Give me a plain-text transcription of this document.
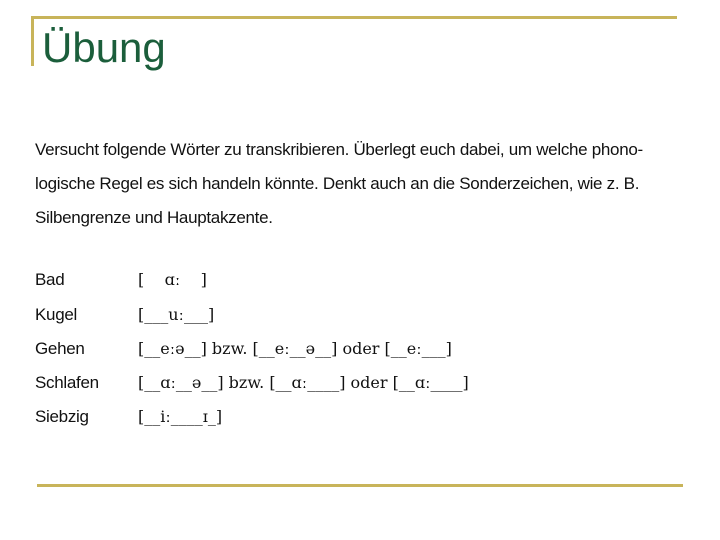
Übung

Versucht folgende Wörter zu transkribieren. Überlegt euch dabei, um welche phono-
logische Regel es sich handeln könnte. Denkt auch an die Sonderzeichen, wie z. B.
Silbengrenze und Hauptakzente.

Bad	[    ɑː    ]
Kugel	[___uː___]
Gehen	[__eːə__] bzw. [__eː__ə__] oder [__eː___]
Schlafen [__ɑː__ə__] bzw. [__ɑː____] oder [__ɑː____]
Siebzig	[__iː____ɪ_]
